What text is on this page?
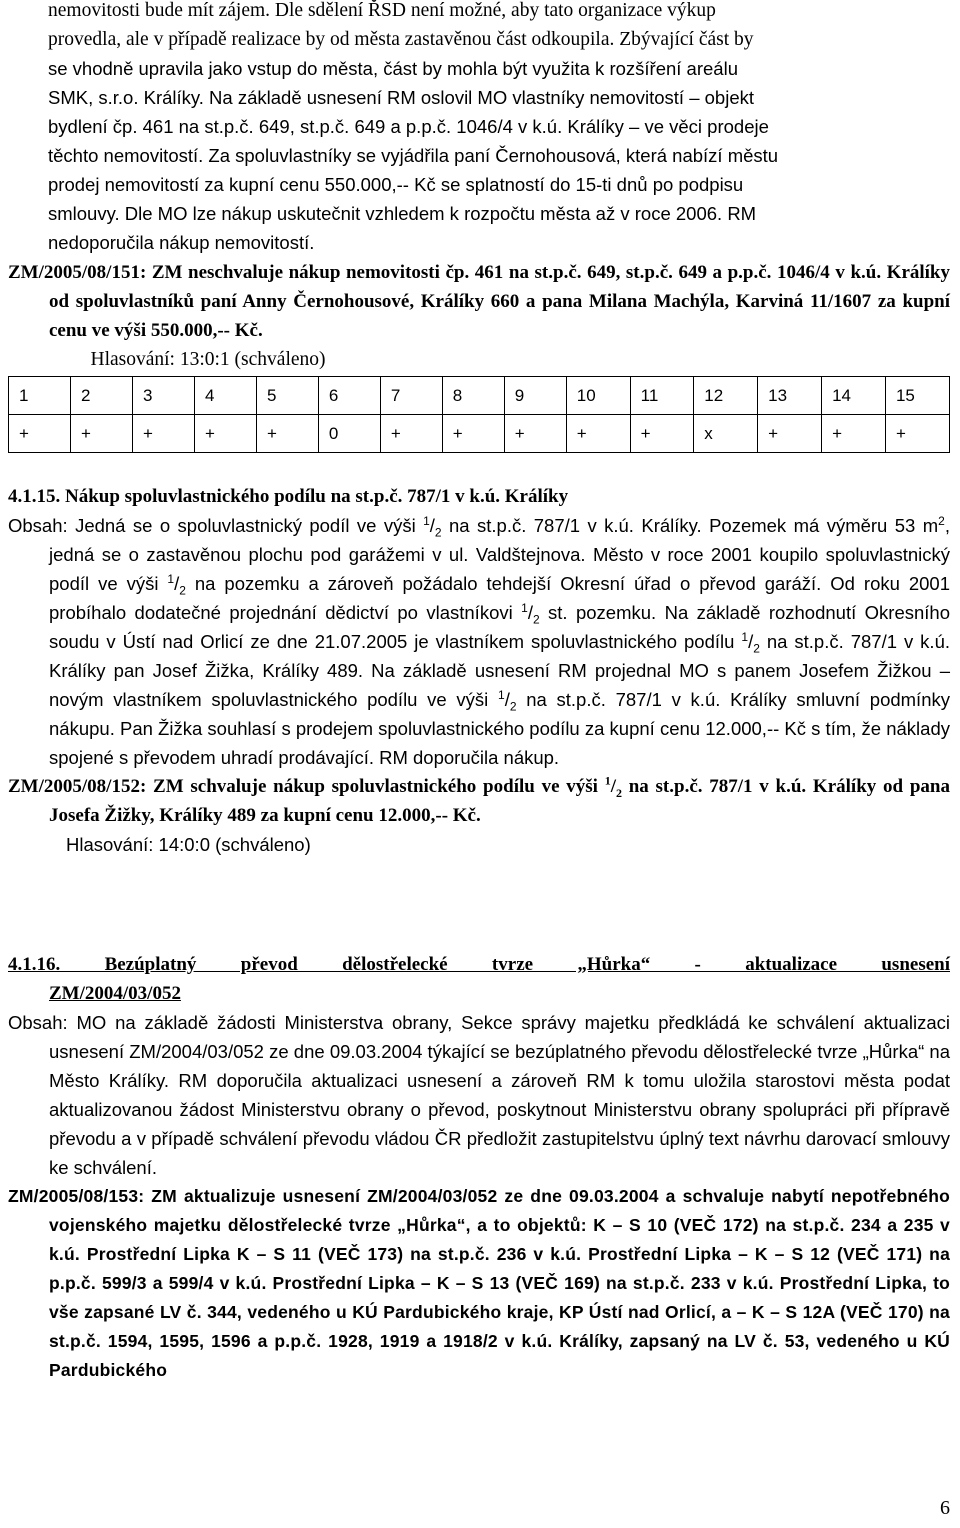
nemovitosti bude mít zájem. Dle sdělení ŘSD není možné, aby tato organizace výkup
provedla, ale v případě realizace by od města zastavěnou část odkoupila. Zbývající část by
se vhodně upravila jako vstup do města, část by mohla být využita k rozšíření areálu
SMK, s.r.o. Králíky. Na základě usnesení RM oslovil MO vlastníky nemovitostí – objekt
bydlení čp. 461 na st.p.č. 649, st.p.č. 649 a p.p.č. 1046/4 v k.ú. Králíky – ve věci prodeje
těchto nemovitostí. Za spoluvlastníky se vyjádřila paní Černohousová, která nabízí městu
prodej nemovitostí za kupní cenu 550.000,-- Kč se splatností do 15-ti dnů po podpisu
smlouvy. Dle MO lze nákup uskutečnit vzhledem k rozpočtu města až v roce 2006. RM
nedoporučila nákup nemovitostí.
ZM/2005/08/151: ZM neschvaluje nákup nemovitosti čp. 461 na st.p.č. 649, st.p.č. 649 a p.p.č. 1046/4 v k.ú. Králíky od spoluvlastníků paní Anny Černohousové, Králíky 660 a pana Milana Machýla, Karviná 11/1607 za kupní cenu ve výši 550.000,-- Kč.
Hlasování: 13:0:1 (schváleno)
1	2	3	4	5	6	7	8	9	10	11	12	13	14	15
+	+	+	+	+	0	+	+	+	+	+	x	+	+	+
4.1.15. Nákup spoluvlastnického podílu na st.p.č. 787/1 v k.ú. Králíky
Obsah: Jedná se o spoluvlastnický podíl ve výši $^1/_2$ na st.p.č. 787/1 v k.ú. Králíky. Pozemek má výměru 53 $m^2$, jedná se o zastavěnou plochu pod garážemi v ul. Valdštejnova. Město v roce 2001 koupilo spoluvlastnický podíl ve výši $^1/_2$ na pozemku a zároveň požádalo tehdejší Okresní úřad o převod garáží. Od roku 2001 probíhalo dodatečné projednání dědictví po vlastníkovi $^1/_2$ st. pozemku. Na základě rozhodnutí Okresního soudu v Ústí nad Orlicí ze dne 21.07.2005 je vlastníkem spoluvlastnického podílu $^1/_2$ na st.p.č. 787/1 v k.ú. Králíky pan Josef Žižka, Králíky 489. Na základě usnesení RM projednal MO s panem Josefem Žižkou – novým vlastníkem spoluvlastnického podílu ve výši $^1/_2$ na st.p.č. 787/1 v k.ú. Králíky smluvní podmínky nákupu. Pan Žižka souhlasí s prodejem spoluvlastnického podílu za kupní cenu 12.000,-- Kč s tím, že náklady spojené s převodem uhradí prodávající. RM doporučila nákup.
ZM/2005/08/152: ZM schvaluje nákup spoluvlastnického podílu ve výši $^1/_2$ na st.p.č. 787/1 v k.ú. Králíky od pana Josefa Žižky, Králíky 489 za kupní cenu 12.000,-- Kč.
Hlasování: 14:0:0 (schváleno)
4.1.16. Bezúplatný převod dělostřelecké tvrze „Hůrka“ - aktualizace usnesení
ZM/2004/03/052
Obsah: MO na základě žádosti Ministerstva obrany, Sekce správy majetku předkládá ke schválení aktualizaci usnesení ZM/2004/03/052 ze dne 09.03.2004 týkající se bezúplatného převodu dělostřelecké tvrze „Hůrka“ na Město Králíky. RM doporučila aktualizaci usnesení a zároveň RM k tomu uložila starostovi města podat aktualizovanou žádost Ministerstvu obrany o převod, poskytnout Ministerstvu obrany spolupráci při přípravě převodu a v případě schválení převodu vládou ČR předložit zastupitelstvu úplný text návrhu darovací smlouvy ke schválení.
ZM/2005/08/153: ZM aktualizuje usnesení ZM/2004/03/052 ze dne 09.03.2004 a schvaluje nabytí nepotřebného vojenského majetku dělostřelecké tvrze „Hůrka“, a to objektů: K – S 10 (VEČ 172) na st.p.č. 234 a 235 v k.ú. Prostřední Lipka K – S 11 (VEČ 173) na st.p.č. 236 v k.ú. Prostřední Lipka – K – S 12 (VEČ 171) na p.p.č. 599/3 a 599/4 v k.ú. Prostřední Lipka – K – S 13 (VEČ 169) na st.p.č. 233 v k.ú. Prostřední Lipka, to vše zapsané LV č. 344, vedeného u KÚ Pardubického kraje, KP Ústí nad Orlicí, a – K – S 12A (VEČ 170) na st.p.č. 1594, 1595, 1596 a p.p.č. 1928, 1919 a 1918/2 v k.ú. Králíky, zapsaný na LV č. 53, vedeného u KÚ Pardubického
6
